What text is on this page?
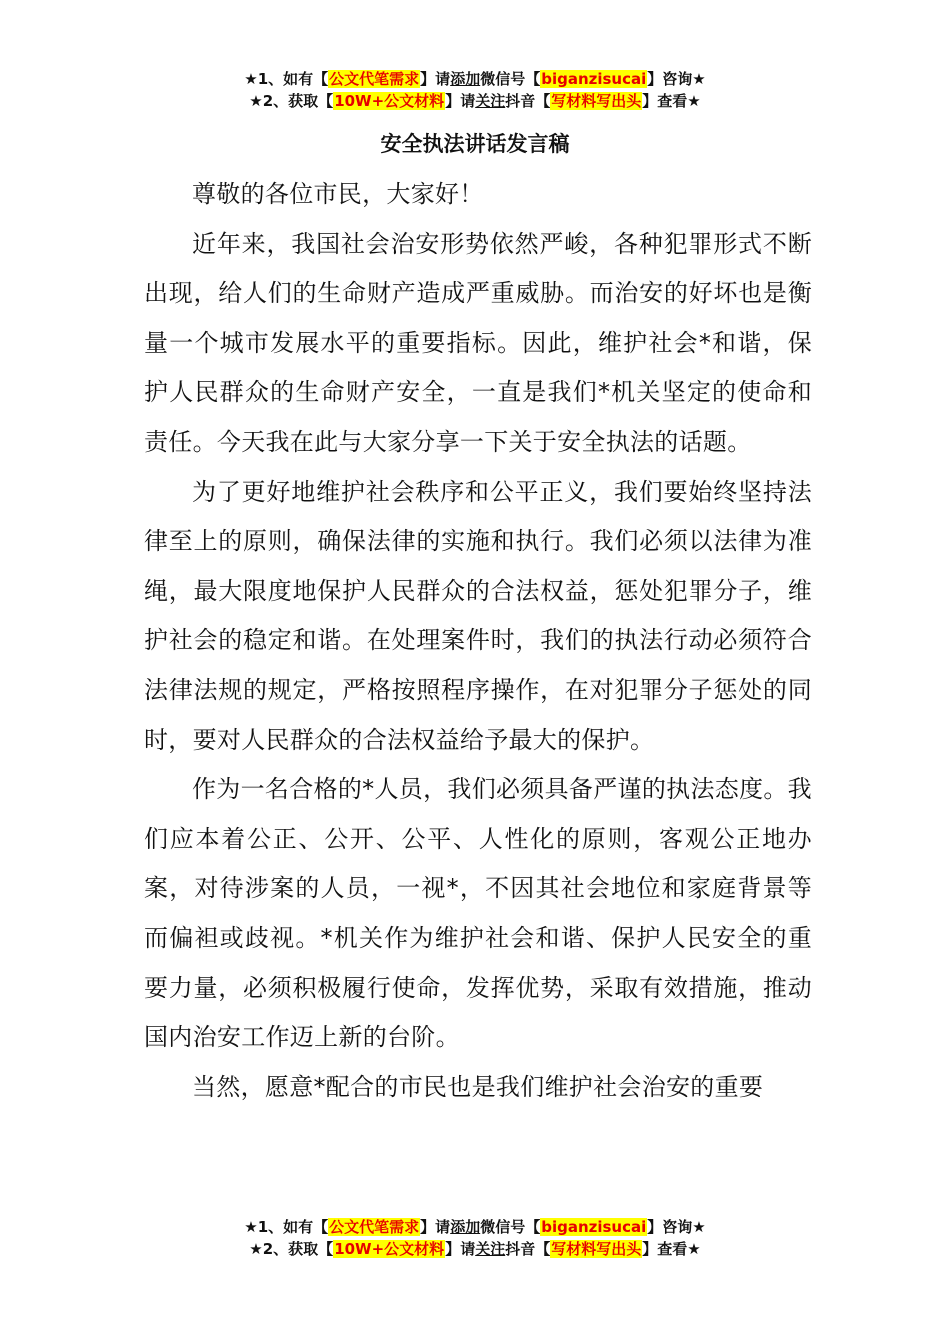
★1、如有【公文代笔需求】请添加微信号【biganzisucai】咨询★
★2、获取【10W+公文材料】请关注抖音【写材料写出头】查看★
安全执法讲话发言稿

尊敬的各位市民，大家好！

近年来，我国社会治安形势依然严峻，各种犯罪形式不断出现，给人们的生命财产造成严重威胁。而治安的好坏也是衡量一个城市发展水平的重要指标。因此，维护社会*和谐，保护人民群众的生命财产安全，一直是我们*机关坚定的使命和责任。今天我在此与大家分享一下关于安全执法的话题。

为了更好地维护社会秩序和公平正义，我们要始终坚持法律至上的原则，确保法律的实施和执行。我们必须以法律为准绳，最大限度地保护人民群众的合法权益，惩处犯罪分子，维护社会的稳定和谐。在处理案件时，我们的执法行动必须符合法律法规的规定，严格按照程序操作，在对犯罪分子惩处的同时，要对人民群众的合法权益给予最大的保护。

作为一名合格的*人员，我们必须具备严谨的执法态度。我们应本着公正、公开、公平、人性化的原则，客观公正地办案，对待涉案的人员，一视*，不因其社会地位和家庭背景等而偏袒或歧视。*机关作为维护社会和谐、保护人民安全的重要力量，必须积极履行使命，发挥优势，采取有效措施，推动国内治安工作迈上新的台阶。

当然，愿意*配合的市民也是我们维护社会治安的重要

★1、如有【公文代笔需求】请添加微信号【biganzisucai】咨询★
★2、获取【10W+公文材料】请关注抖音【写材料写出头】查看★
